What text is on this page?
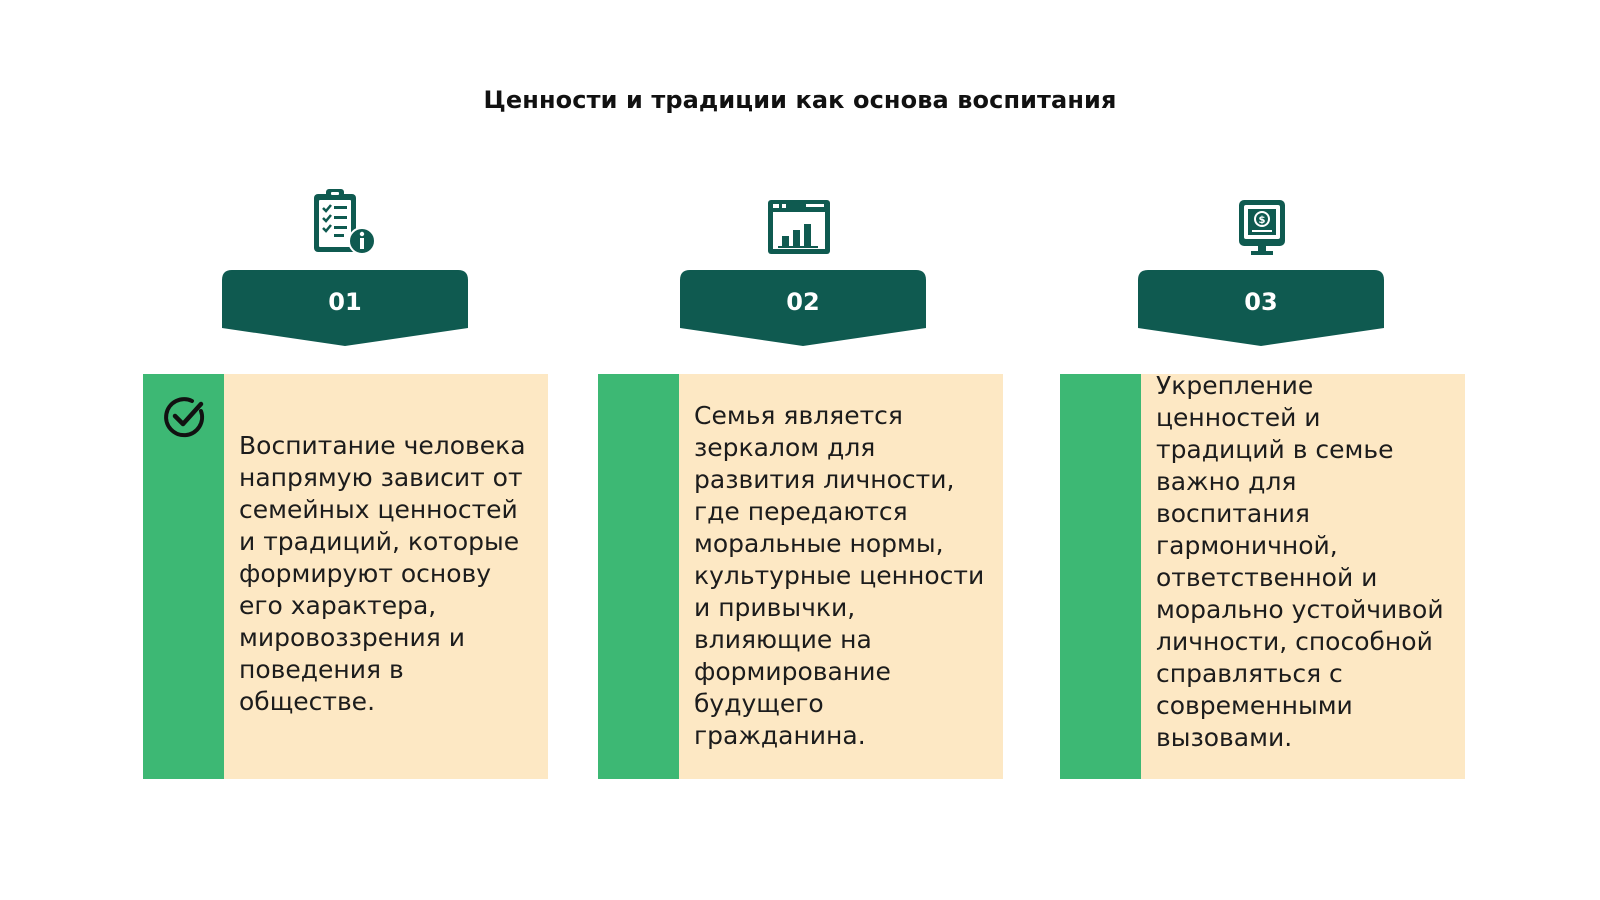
Ценности и традиции как основа воспитания
01
Воспитание человека напрямую зависит от семейных ценностей и традиций, которые формируют основу его характера, мировоззрения и поведения в обществе.
02
Семья является зеркалом для развития личности, где передаются моральные нормы, культурные ценности и привычки, влияющие на формирование будущего гражданина.
$
03
Укрепление ценностей и традиций в семье важно для воспитания гармоничной, ответственной и морально устойчивой личности, способной справляться с современными вызовами.
